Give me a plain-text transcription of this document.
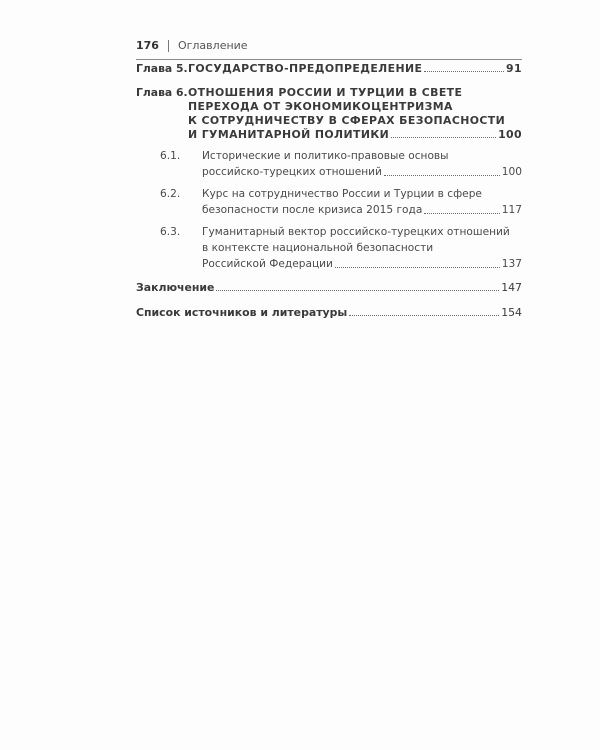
176 Оглавление
Глава 5. ГОСУДАРСТВО-ПРЕДОПРЕДЕЛЕНИЕ	91
Глава 6. ОТНОШЕНИЯ РОССИИ И ТУРЦИИ В СВЕТЕ
ПЕРЕХОДА ОТ ЭКОНОМИКОЦЕНТРИЗМА
К СОТРУДНИЧЕСТВУ В СФЕРАХ БЕЗОПАСНОСТИ
И ГУМАНИТАРНОЙ ПОЛИТИКИ	100
6.1.	Исторические и политико-правовые основы
российско-турецких отношений	100
6.2.	Курс на сотрудничество России и Турции в сфере
безопасности после кризиса 2015 года	117
6.3.	Гуманитарный вектор российско-турецких отношений
в контексте национальной безопасности
Российской Федерации	137
Заключение	147
Список источников и литературы	154
